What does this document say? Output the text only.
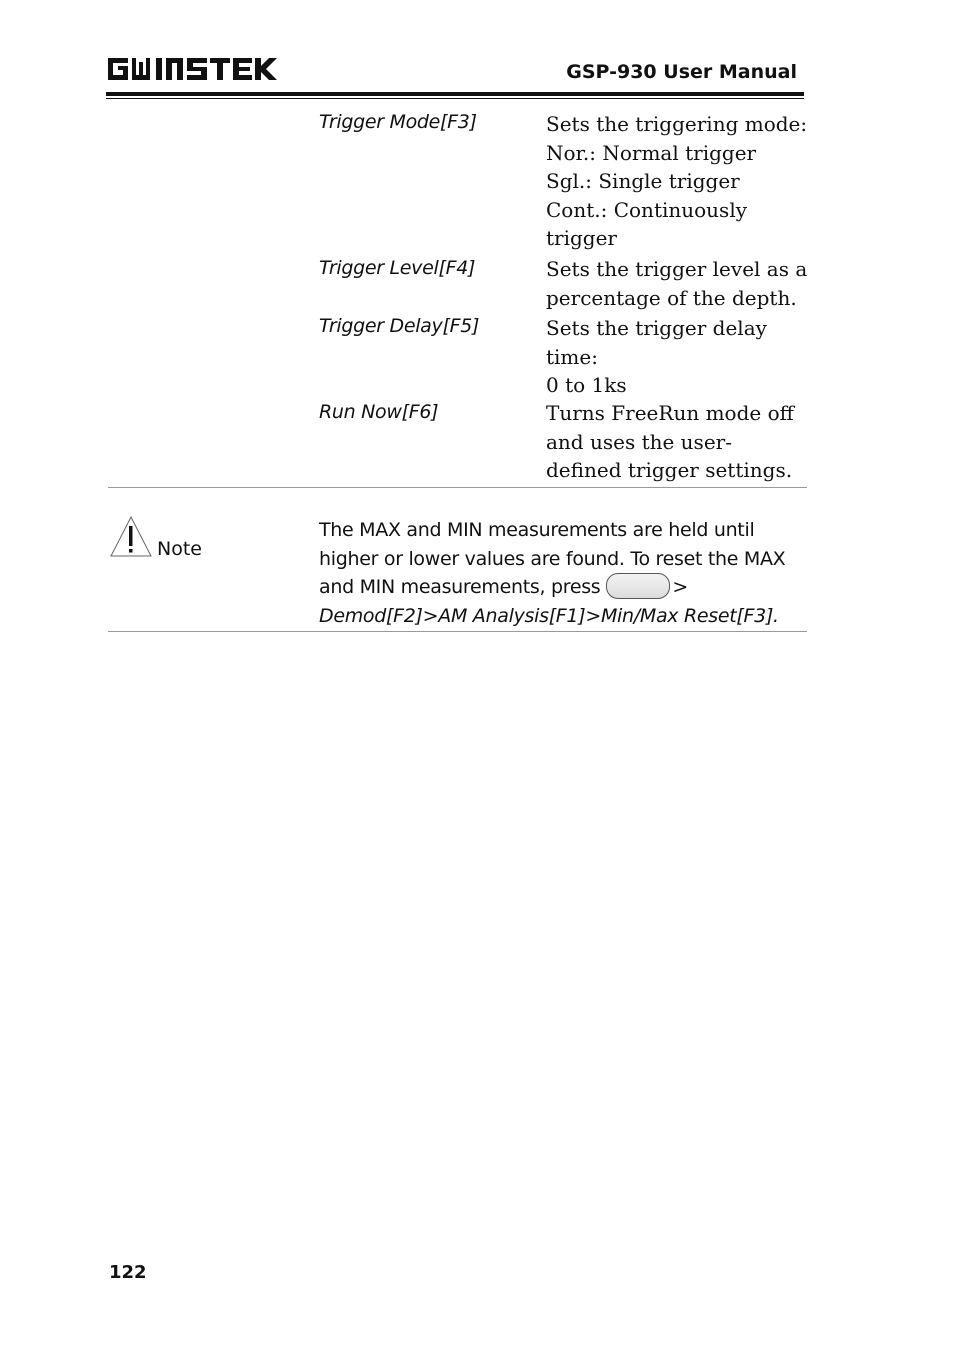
GSP-930 User Manual
Trigger Mode[F3]	Sets the triggering mode:
Nor.: Normal trigger
Sgl.: Single trigger
Cont.: Continuously
trigger
Trigger Level[F4]	Sets the trigger level as a
percentage of the depth.
Trigger Delay[F5]	Sets the trigger delay
time:
0 to 1ks
Run Now[F6]	Turns FreeRun mode off
and uses the user-
defined trigger settings.
Note
The MAX and MIN measurements are held until
higher or lower values are found. To reset the MAX
and MIN measurements, press	>
Demod[F2]>AM Analysis[F1]>Min/Max Reset[F3].
122
